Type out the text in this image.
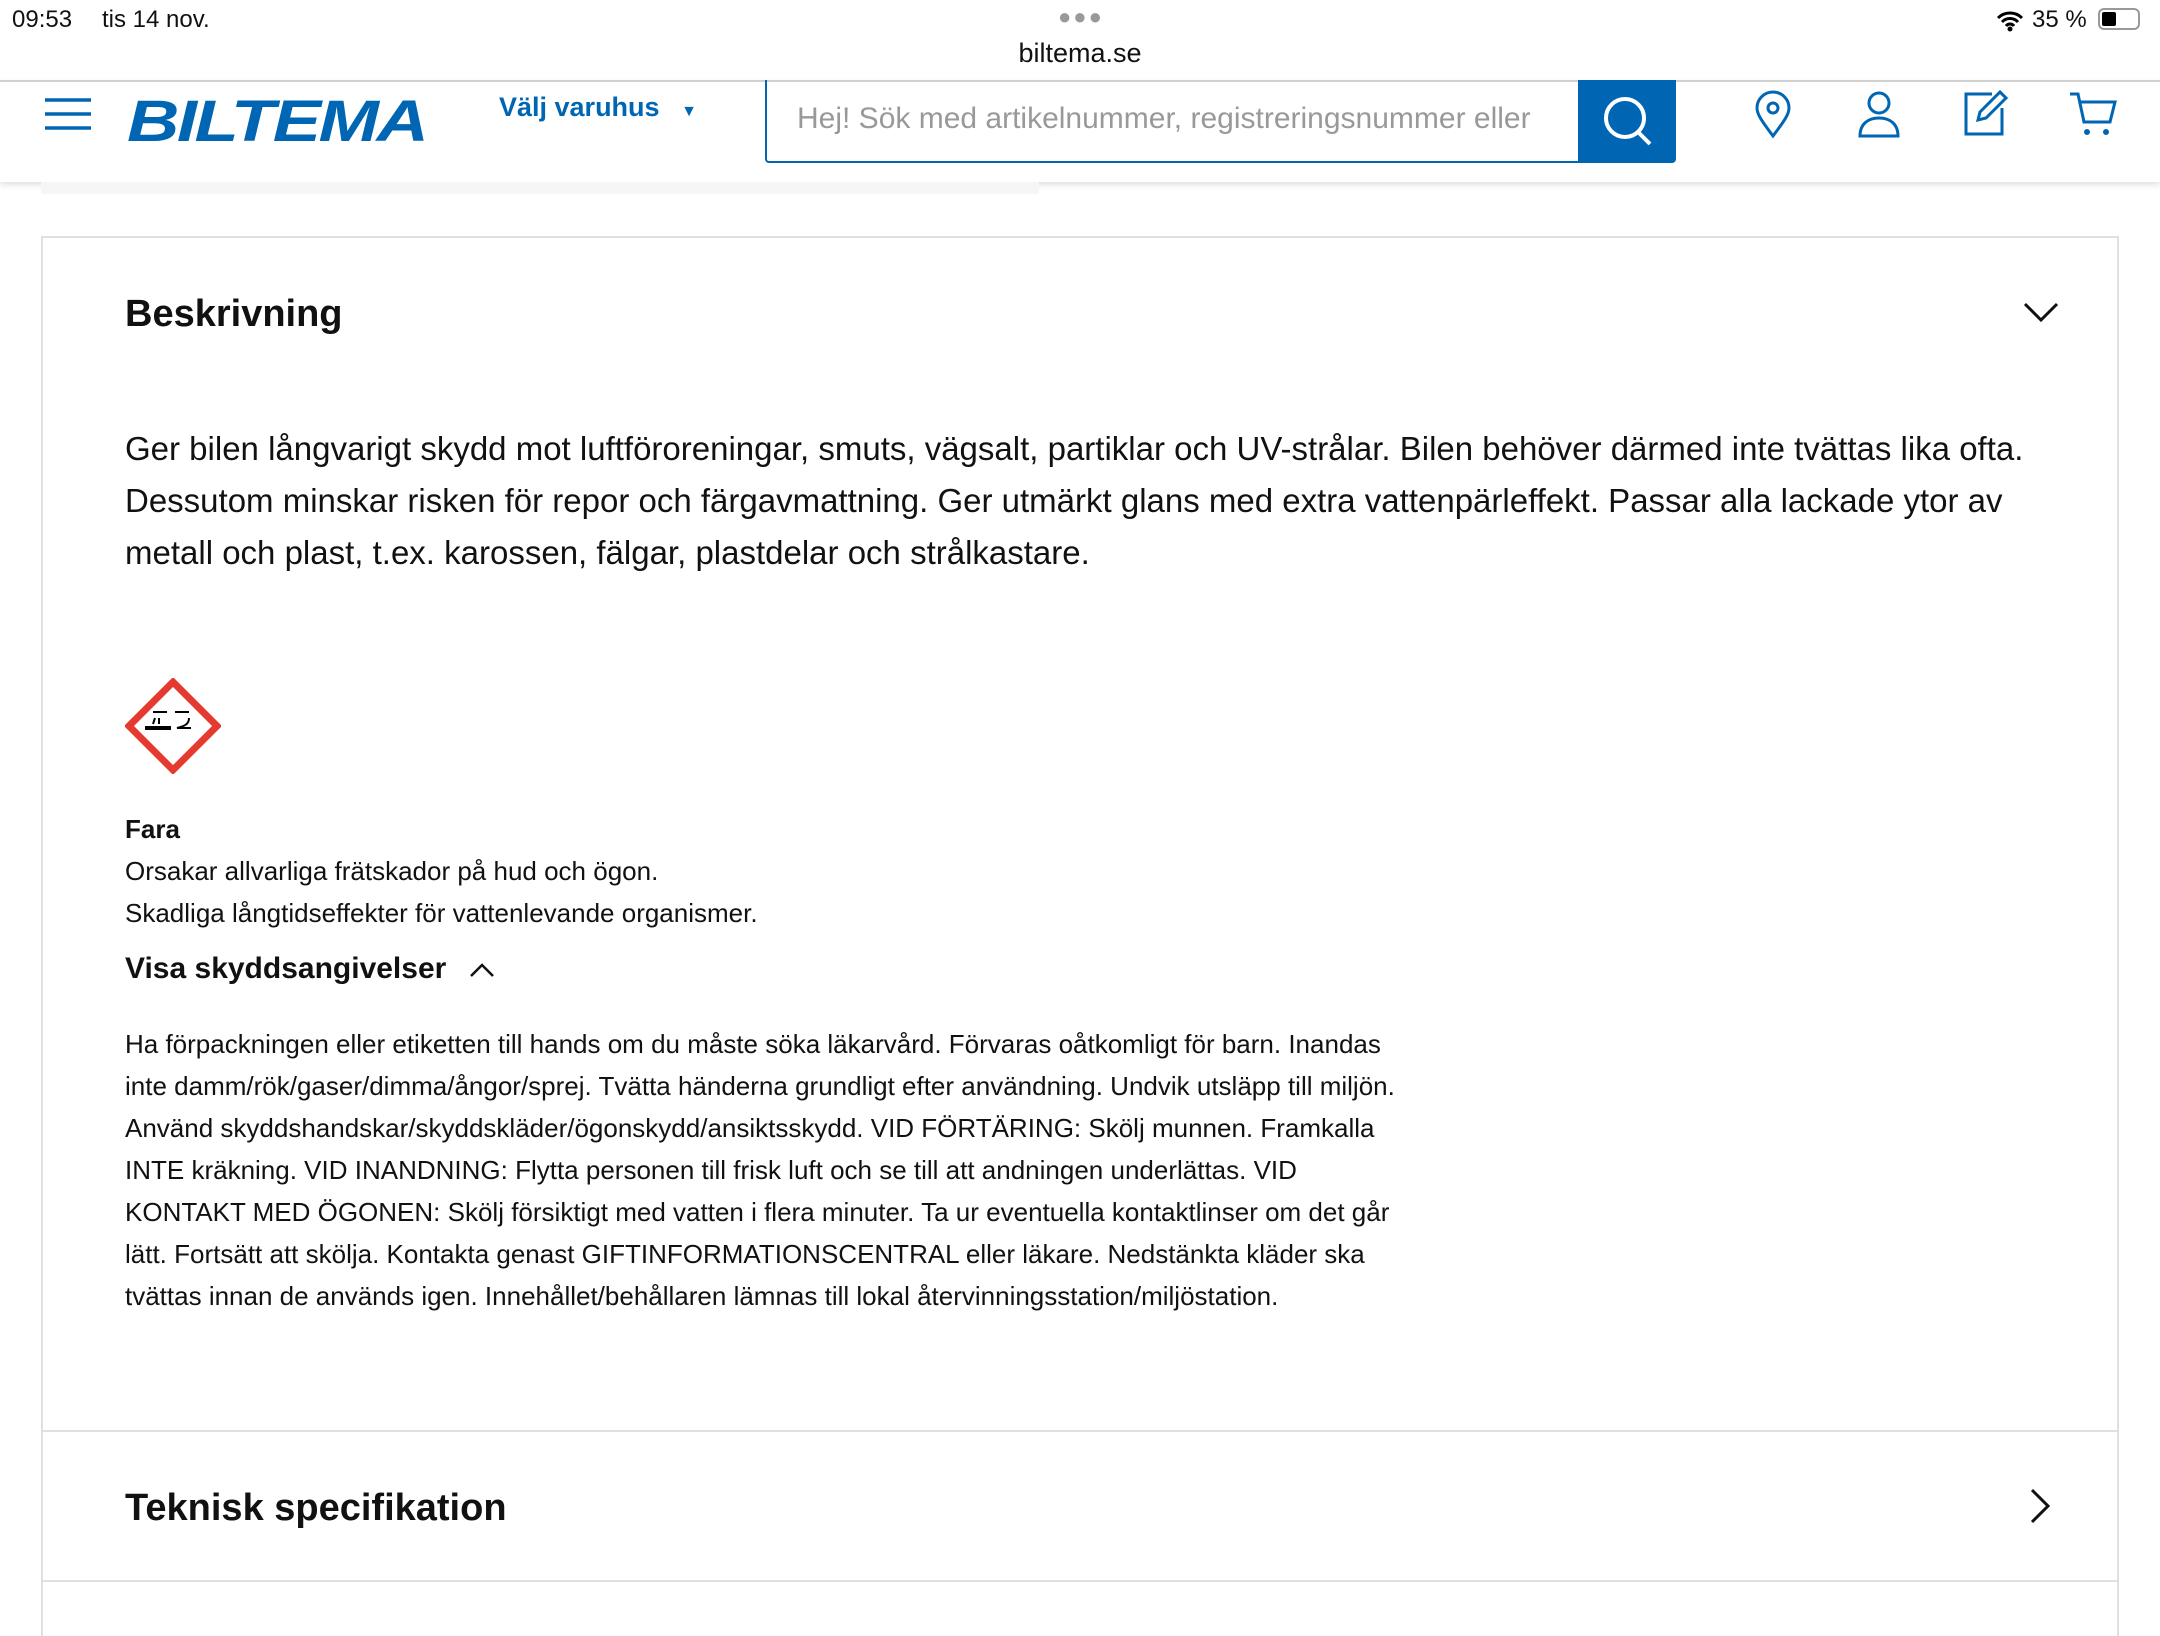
09:53 tis 14 nov.	●●●
biltema.se
35 %
BILTEMA	Välj varuhus ▼
Hej! Sök med artikelnummer, registreringsnummer eller
Beskrivning
Ger bilen långvarigt skydd mot luftföroreningar, smuts, vägsalt, partiklar och UV-strålar. Bilen behöver därmed inte tvättas lika ofta. Dessutom minskar risken för repor och färgavmattning. Ger utmärkt glans med extra vattenpärleffekt. Passar alla lackade ytor av metall och plast, t.ex. karossen, fälgar, plastdelar och strålkastare.
Fara
Orsakar allvarliga frätskador på hud och ögon.
Skadliga långtidseffekter för vattenlevande organismer.
Visa skyddsangivelser
Ha förpackningen eller etiketten till hands om du måste söka läkarvård. Förvaras oåtkomligt för barn. Inandas inte damm/rök/gaser/dimma/ångor/sprej. Tvätta händerna grundligt efter användning. Undvik utsläpp till miljön. Använd skyddshandskar/skyddskläder/ögonskydd/ansiktsskydd. VID FÖRTÄRING: Skölj munnen. Framkalla INTE kräkning. VID INANDNING: Flytta personen till frisk luft och se till att andningen underlättas. VID KONTAKT MED ÖGONEN: Skölj försiktigt med vatten i flera minuter. Ta ur eventuella kontaktlinser om det går lätt. Fortsätt att skölja. Kontakta genast GIFTINFORMATIONSCENTRAL eller läkare. Nedstänkta kläder ska tvättas innan de används igen. Innehållet/behållaren lämnas till lokal återvinningsstation/miljöstation.
Teknisk specifikation
